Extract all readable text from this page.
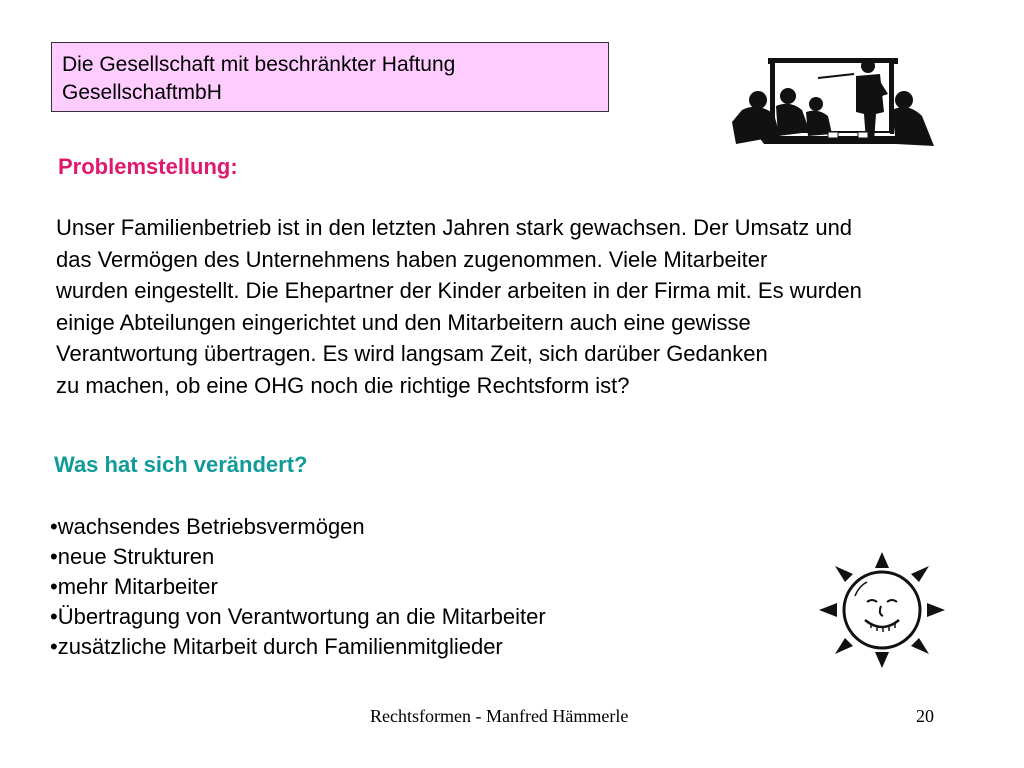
Die Gesellschaft mit beschränkter Haftung
GesellschaftmbH
Problemstellung:
Unser Familienbetrieb ist in den letzten Jahren stark gewachsen. Der Umsatz und
das Vermögen des Unternehmens haben zugenommen. Viele Mitarbeiter
wurden eingestellt. Die Ehepartner der Kinder arbeiten in der Firma mit. Es wurden
einige Abteilungen eingerichtet und den Mitarbeitern auch eine gewisse
Verantwortung übertragen. Es wird langsam Zeit, sich darüber Gedanken
zu machen, ob eine OHG noch die richtige Rechtsform ist?
Was hat sich verändert?
•wachsendes Betriebsvermögen
•neue Strukturen
•mehr Mitarbeiter
•Übertragung von Verantwortung an die Mitarbeiter
•zusätzliche Mitarbeit durch Familienmitglieder
Rechtsformen - Manfred Hämmerle	20
